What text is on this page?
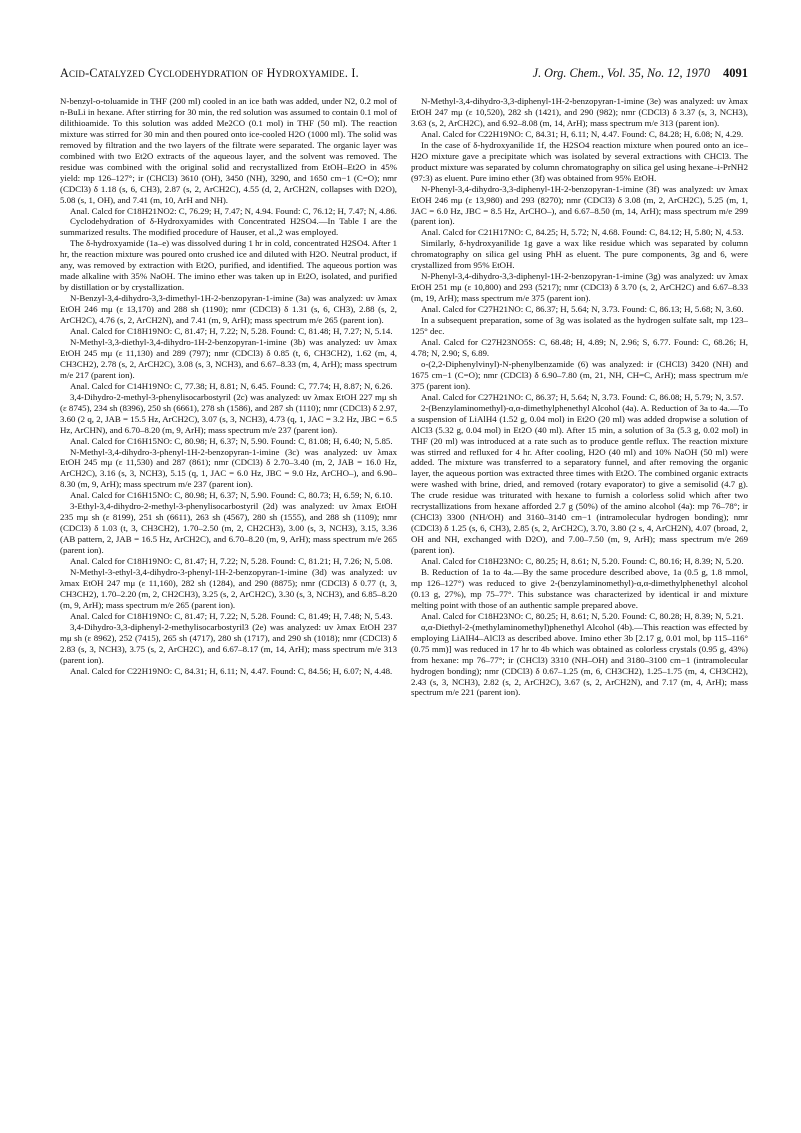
Acid-Catalyzed Cyclodehydration of Hydroxyamide. I.	J. Org. Chem., Vol. 35, No. 12, 1970 4091

N-benzyl-o-toluamide in THF (200 ml) cooled in an ice bath was added, under N2, 0.2 mol of n-BuLi in hexane. After stirring for 30 min, the red solution was assumed to contain 0.1 mol of dilithioamide. To this solution was added Me2CO (0.1 mol) in THF (50 ml). The reaction mixture was stirred for 30 min and then poured onto ice-cooled H2O (1000 ml). The solid was removed by filtration and the two layers of the filtrate were separated. The organic layer was combined with two Et2O extracts of the aqueous layer, and the solvent was removed. The residue was combined with the original solid and recrystallized from EtOH–Et2O in 45% yield: mp 126–127°; ir (CHCl3) 3610 (OH), 3450 (NH), 3290, and 1650 cm−1 (C=O); nmr (CDCl3) δ 1.18 (s, 6, CH3), 2.87 (s, 2, ArCH2C), 4.55 (d, 2, ArCH2N, collapses with D2O), 5.08 (s, 1, OH), and 7.41 (m, 10, ArH and NH).

Anal. Calcd for C18H21NO2: C, 76.29; H, 7.47; N, 4.94. Found: C, 76.12; H, 7.47; N, 4.86.

Cyclodehydration of δ-Hydroxyamides with Concentrated H2SO4.—In Table I are the summarized results. The modified procedure of Hauser, et al.,2 was employed.

The δ-hydroxyamide (1a–e) was dissolved during 1 hr in cold, concentrated H2SO4. After 1 hr, the reaction mixture was poured onto crushed ice and diluted with H2O. Neutral product, if any, was removed by extraction with Et2O, purified, and identified. The aqueous portion was made alkaline with 35% NaOH. The imino ether was taken up in Et2O, isolated, and purified by distillation or by crystallization.

N-Benzyl-3,4-dihydro-3,3-dimethyl-1H-2-benzopyran-1-imine (3a) was analyzed: uv λmax EtOH 246 mμ (ε 13,170) and 288 sh (1190); nmr (CDCl3) δ 1.31 (s, 6, CH3), 2.88 (s, 2, ArCH2C), 4.76 (s, 2, ArCH2N), and 7.41 (m, 9, ArH); mass spectrum m/e 265 (parent ion).

Anal. Calcd for C18H19NO: C, 81.47; H, 7.22; N, 5.28. Found: C, 81.48; H, 7.27; N, 5.14.

N-Methyl-3,3-diethyl-3,4-dihydro-1H-2-benzopyran-1-imine (3b) was analyzed: uv λmax EtOH 245 mμ (ε 11,130) and 289 (797); nmr (CDCl3) δ 0.85 (t, 6, CH3CH2), 1.62 (m, 4, CH3CH2), 2.78 (s, 2, ArCH2C), 3.08 (s, 3, NCH3), and 6.67–8.33 (m, 4, ArH); mass spectrum m/e 217 (parent ion).

Anal. Calcd for C14H19NO: C, 77.38; H, 8.81; N, 6.45. Found: C, 77.74; H, 8.87; N, 6.26.

3,4-Dihydro-2-methyl-3-phenylisocarbostyril (2c) was analyzed: uv λmax EtOH 227 mμ sh (ε 8745), 234 sh (8396), 250 sh (6661), 278 sh (1586), and 287 sh (1110); nmr (CDCl3) δ 2.97, 3.60 (2 q, 2, JAB = 15.5 Hz, ArCH2C), 3.07 (s, 3, NCH3), 4.73 (q, 1, JAC = 3.2 Hz, JBC = 6.5 Hz, ArCHN), and 6.70–8.20 (m, 9, ArH); mass spectrum m/e 237 (parent ion).

Anal. Calcd for C16H15NO: C, 80.98; H, 6.37; N, 5.90. Found: C, 81.08; H, 6.40; N, 5.85.

N-Methyl-3,4-dihydro-3-phenyl-1H-2-benzopyran-1-imine (3c) was analyzed: uv λmax EtOH 245 mμ (ε 11,530) and 287 (861); nmr (CDCl3) δ 2.70–3.40 (m, 2, JAB = 16.0 Hz, ArCH2C), 3.16 (s, 3, NCH3), 5.15 (q, 1, JAC = 6.0 Hz, JBC = 9.0 Hz, ArCHO–), and 6.90–8.30 (m, 9, ArH); mass spectrum m/e 237 (parent ion).

Anal. Calcd for C16H15NO: C, 80.98; H, 6.37; N, 5.90. Found: C, 80.73; H, 6.59; N, 6.10.

3-Ethyl-3,4-dihydro-2-methyl-3-phenylisocarbostyril (2d) was analyzed: uv λmax EtOH 235 mμ sh (ε 8199), 251 sh (6611), 263 sh (4567), 280 sh (1555), and 288 sh (1109); nmr (CDCl3) δ 1.03 (t, 3, CH3CH2), 1.70–2.50 (m, 2, CH2CH3), 3.00 (s, 3, NCH3), 3.15, 3.36 (AB pattern, 2, JAB = 16.5 Hz, ArCH2C), and 6.70–8.20 (m, 9, ArH); mass spectrum m/e 265 (parent ion).

Anal. Calcd for C18H19NO: C, 81.47; H, 7.22; N, 5.28. Found: C, 81.21; H, 7.26; N, 5.08.

N-Methyl-3-ethyl-3,4-dihydro-3-phenyl-1H-2-benzopyran-1-imine (3d) was analyzed: uv λmax EtOH 247 mμ (ε 11,160), 282 sh (1284), and 290 (8875); nmr (CDCl3) δ 0.77 (t, 3, CH3CH2), 1.70–2.20 (m, 2, CH2CH3), 3.25 (s, 2, ArCH2C), 3.30 (s, 3, NCH3), and 6.85–8.20 (m, 9, ArH); mass spectrum m/e 265 (parent ion).

Anal. Calcd for C18H19NO: C, 81.47; H, 7.22; N, 5.28. Found: C, 81.49; H, 7.48; N, 5.43.

3,4-Dihydro-3,3-diphenyl-2-methylisocarbostyril3 (2e) was analyzed: uv λmax EtOH 237 mμ sh (ε 8962), 252 (7415), 265 sh (4717), 280 sh (1717), and 290 sh (1018); nmr (CDCl3) δ 2.83 (s, 3, NCH3), 3.75 (s, 2, ArCH2C), and 6.67–8.17 (m, 14, ArH); mass spectrum m/e 313 (parent ion).

Anal. Calcd for C22H19NO: C, 84.31; H, 6.11; N, 4.47. Found: C, 84.56; H, 6.07; N, 4.48.

N-Methyl-3,4-dihydro-3,3-diphenyl-1H-2-benzopyran-1-imine (3e) was analyzed: uv λmax EtOH 247 mμ (ε 10,520), 282 sh (1421), and 290 (982); nmr (CDCl3) δ 3.37 (s, 3, NCH3), 3.63 (s, 2, ArCH2C), and 6.92–8.08 (m, 14, ArH); mass spectrum m/e 313 (parent ion).

Anal. Calcd for C22H19NO: C, 84.31; H, 6.11; N, 4.47. Found: C, 84.28; H, 6.08; N, 4.29.

In the case of δ-hydroxyanilide 1f, the H2SO4 reaction mixture when poured onto an ice–H2O mixture gave a precipitate which was isolated by several extractions with CHCl3. The product mixture was separated by column chromatography on silica gel using hexane–i-PrNH2 (97:3) as eluent. Pure imino ether (3f) was obtained from 95% EtOH.

N-Phenyl-3,4-dihydro-3,3-diphenyl-1H-2-benzopyran-1-imine (3f) was analyzed: uv λmax EtOH 246 mμ (ε 13,980) and 293 (8270); nmr (CDCl3) δ 3.08 (m, 2, ArCH2C), 5.25 (m, 1, JAC = 6.0 Hz, JBC = 8.5 Hz, ArCHO–), and 6.67–8.50 (m, 14, ArH); mass spectrum m/e 299 (parent ion).

Anal. Calcd for C21H17NO: C, 84.25; H, 5.72; N, 4.68. Found: C, 84.12; H, 5.80; N, 4.53.

Similarly, δ-hydroxyanilide 1g gave a wax like residue which was separated by column chromatography on silica gel using PhH as eluent. The pure components, 3g and 6, were crystallized from 95% EtOH.

N-Phenyl-3,4-dihydro-3,3-diphenyl-1H-2-benzopyran-1-imine (3g) was analyzed: uv λmax EtOH 251 mμ (ε 10,800) and 293 (5217); nmr (CDCl3) δ 3.70 (s, 2, ArCH2C) and 6.67–8.33 (m, 19, ArH); mass spectrum m/e 375 (parent ion).

Anal. Calcd for C27H21NO: C, 86.37; H, 5.64; N, 3.73. Found: C, 86.13; H, 5.68; N, 3.60.

In a subsequent preparation, some of 3g was isolated as the hydrogen sulfate salt, mp 123–125° dec.

Anal. Calcd for C27H23NO5S: C, 68.48; H, 4.89; N, 2.96; S, 6.77. Found: C, 68.26; H, 4.78; N, 2.90; S, 6.89.

o-(2,2-Diphenylvinyl)-N-phenylbenzamide (6) was analyzed: ir (CHCl3) 3420 (NH) and 1675 cm−1 (C=O); nmr (CDCl3) δ 6.90–7.80 (m, 21, NH, CH=C, ArH); mass spectrum m/e 375 (parent ion).

Anal. Calcd for C27H21NO: C, 86.37; H, 5.64; N, 3.73. Found: C, 86.08; H, 5.79; N, 3.57.

2-(Benzylaminomethyl)-α,α-dimethylphenethyl Alcohol (4a). A. Reduction of 3a to 4a.—To a suspension of LiAlH4 (1.52 g, 0.04 mol) in Et2O (20 ml) was added dropwise a solution of AlCl3 (5.32 g, 0.04 mol) in Et2O (40 ml). After 15 min, a solution of 3a (5.3 g, 0.02 mol) in THF (20 ml) was introduced at a rate such as to produce gentle reflux. The reaction mixture was stirred and refluxed for 4 hr. After cooling, H2O (40 ml) and 10% NaOH (50 ml) were added. The mixture was transferred to a separatory funnel, and after removing the organic layer, the aqueous portion was extracted three times with Et2O. The combined organic extracts were washed with brine, dried, and removed (rotary evaporator) to give a semisolid (4.7 g). The crude residue was triturated with hexane to furnish a colorless solid which after two recrystallizations from hexane afforded 2.7 g (50%) of the amino alcohol (4a): mp 76–78°; ir (CHCl3) 3300 (NH/OH) and 3160–3140 cm−1 (intramolecular hydrogen bonding); nmr (CDCl3) δ 1.25 (s, 6, CH3), 2.85 (s, 2, ArCH2C), 3.70, 3.80 (2 s, 4, ArCH2N), 4.07 (broad, 2, OH and NH, exchanged with D2O), and 7.00–7.50 (m, 9, ArH); mass spectrum m/e 269 (parent ion).

Anal. Calcd for C18H23NO: C, 80.25; H, 8.61; N, 5.20. Found: C, 80.16; H, 8.39; N, 5.20.

B. Reduction of 1a to 4a.—By the same procedure described above, 1a (0.5 g, 1.8 mmol, mp 126–127°) was reduced to give 2-(benzylaminomethyl)-α,α-dimethylphenethyl alcohol (0.13 g, 27%), mp 75–77°. This substance was characterized by identical ir and mixture melting point with those of an authentic sample prepared above.

Anal. Calcd for C18H23NO: C, 80.25; H, 8.61; N, 5.20. Found: C, 80.28; H, 8.39; N, 5.21.

α,α-Diethyl-2-(methylaminomethyl)phenethyl Alcohol (4b).—This reaction was effected by employing LiAlH4–AlCl3 as described above. Imino ether 3b [2.17 g, 0.01 mol, bp 115–116° (0.75 mm)] was reduced in 17 hr to 4b which was obtained as colorless crystals (0.95 g, 43%) from hexane: mp 76–77°; ir (CHCl3) 3310 (NH–OH) and 3180–3100 cm−1 (intramolecular hydrogen bonding); nmr (CDCl3) δ 0.67–1.25 (m, 6, CH3CH2), 1.25–1.75 (m, 4, CH3CH2), 2.43 (s, 3, NCH3), 2.82 (s, 2, ArCH2C), 3.67 (s, 2, ArCH2N), and 7.17 (m, 4, ArH); mass spectrum m/e 221 (parent ion).
